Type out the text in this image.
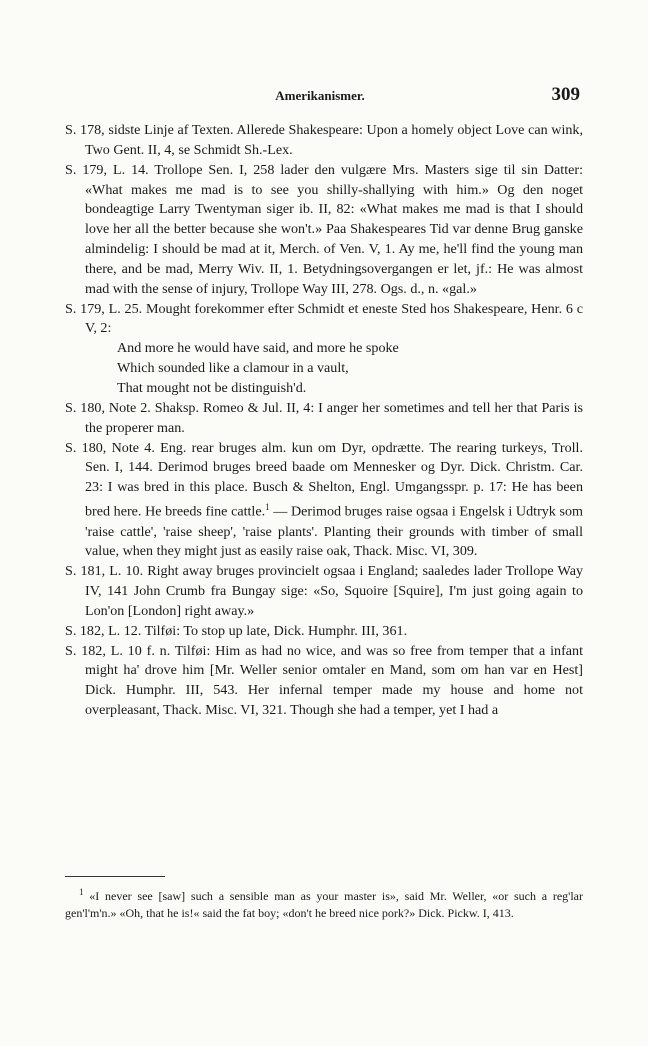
Amerikanismer.	309

S. 178, sidste Linje af Texten. Allerede Shakespeare: Upon a homely object Love can wink, Two Gent. II, 4, se Schmidt Sh.-Lex.

S. 179, L. 14. Trollope Sen. I, 258 lader den vulgære Mrs. Masters sige til sin Datter: «What makes me mad is to see you shilly-shallying with him.» Og den noget bondeagtige Larry Twentyman siger ib. II, 82: «What makes me mad is that I should love her all the better because she won't.» Paa Shakespeares Tid var denne Brug ganske almindelig: I should be mad at it, Merch. of Ven. V, 1. Ay me, he'll find the young man there, and be mad, Merry Wiv. II, 1. Betydningsovergangen er let, jf.: He was almost mad with the sense of injury, Trollope Way III, 278. Ogs. d., n. «gal.»

S. 179, L. 25. Mought forekommer efter Schmidt et eneste Sted hos Shakespeare, Henr. 6 c V, 2:

And more he would have said, and more he spoke
Which sounded like a clamour in a vault,
That mought not be distinguish'd.

S. 180, Note 2. Shaksp. Romeo & Jul. II, 4: I anger her sometimes and tell her that Paris is the properer man.

S. 180, Note 4. Eng. rear bruges alm. kun om Dyr, opdrætte. The rearing turkeys, Troll. Sen. I, 144. Derimod bruges breed baade om Mennesker og Dyr. Dick. Christm. Car. 23: I was bred in this place. Busch & Shelton, Engl. Umgangsspr. p. 17: He has been bred here. He breeds fine cattle.$^1$ — Derimod bruges raise ogsaa i Engelsk i Udtryk som 'raise cattle', 'raise sheep', 'raise plants'. Planting their grounds with timber of small value, when they might just as easily raise oak, Thack. Misc. VI, 309.

S. 181, L. 10. Right away bruges provincielt ogsaa i England; saaledes lader Trollope Way IV, 141 John Crumb fra Bungay sige: «So, Squoire [Squire], I'm just going again to Lon'on [London] right away.»

S. 182, L. 12. Tilføi: To stop up late, Dick. Humphr. III, 361.

S. 182, L. 10 f. n. Tilføi: Him as had no wice, and was so free from temper that a infant might ha' drove him [Mr. Weller senior omtaler en Mand, som om han var en Hest] Dick. Humphr. III, 543. Her infernal temper made my house and home not overpleasant, Thack. Misc. VI, 321. Though she had a temper, yet I had a

$^1$ «I never see [saw] such a sensible man as your master is», said Mr. Weller, «or such a reg'lar gen'l'm'n.» «Oh, that he is!« said the fat boy; «don't he breed nice pork?» Dick. Pickw. I, 413.
